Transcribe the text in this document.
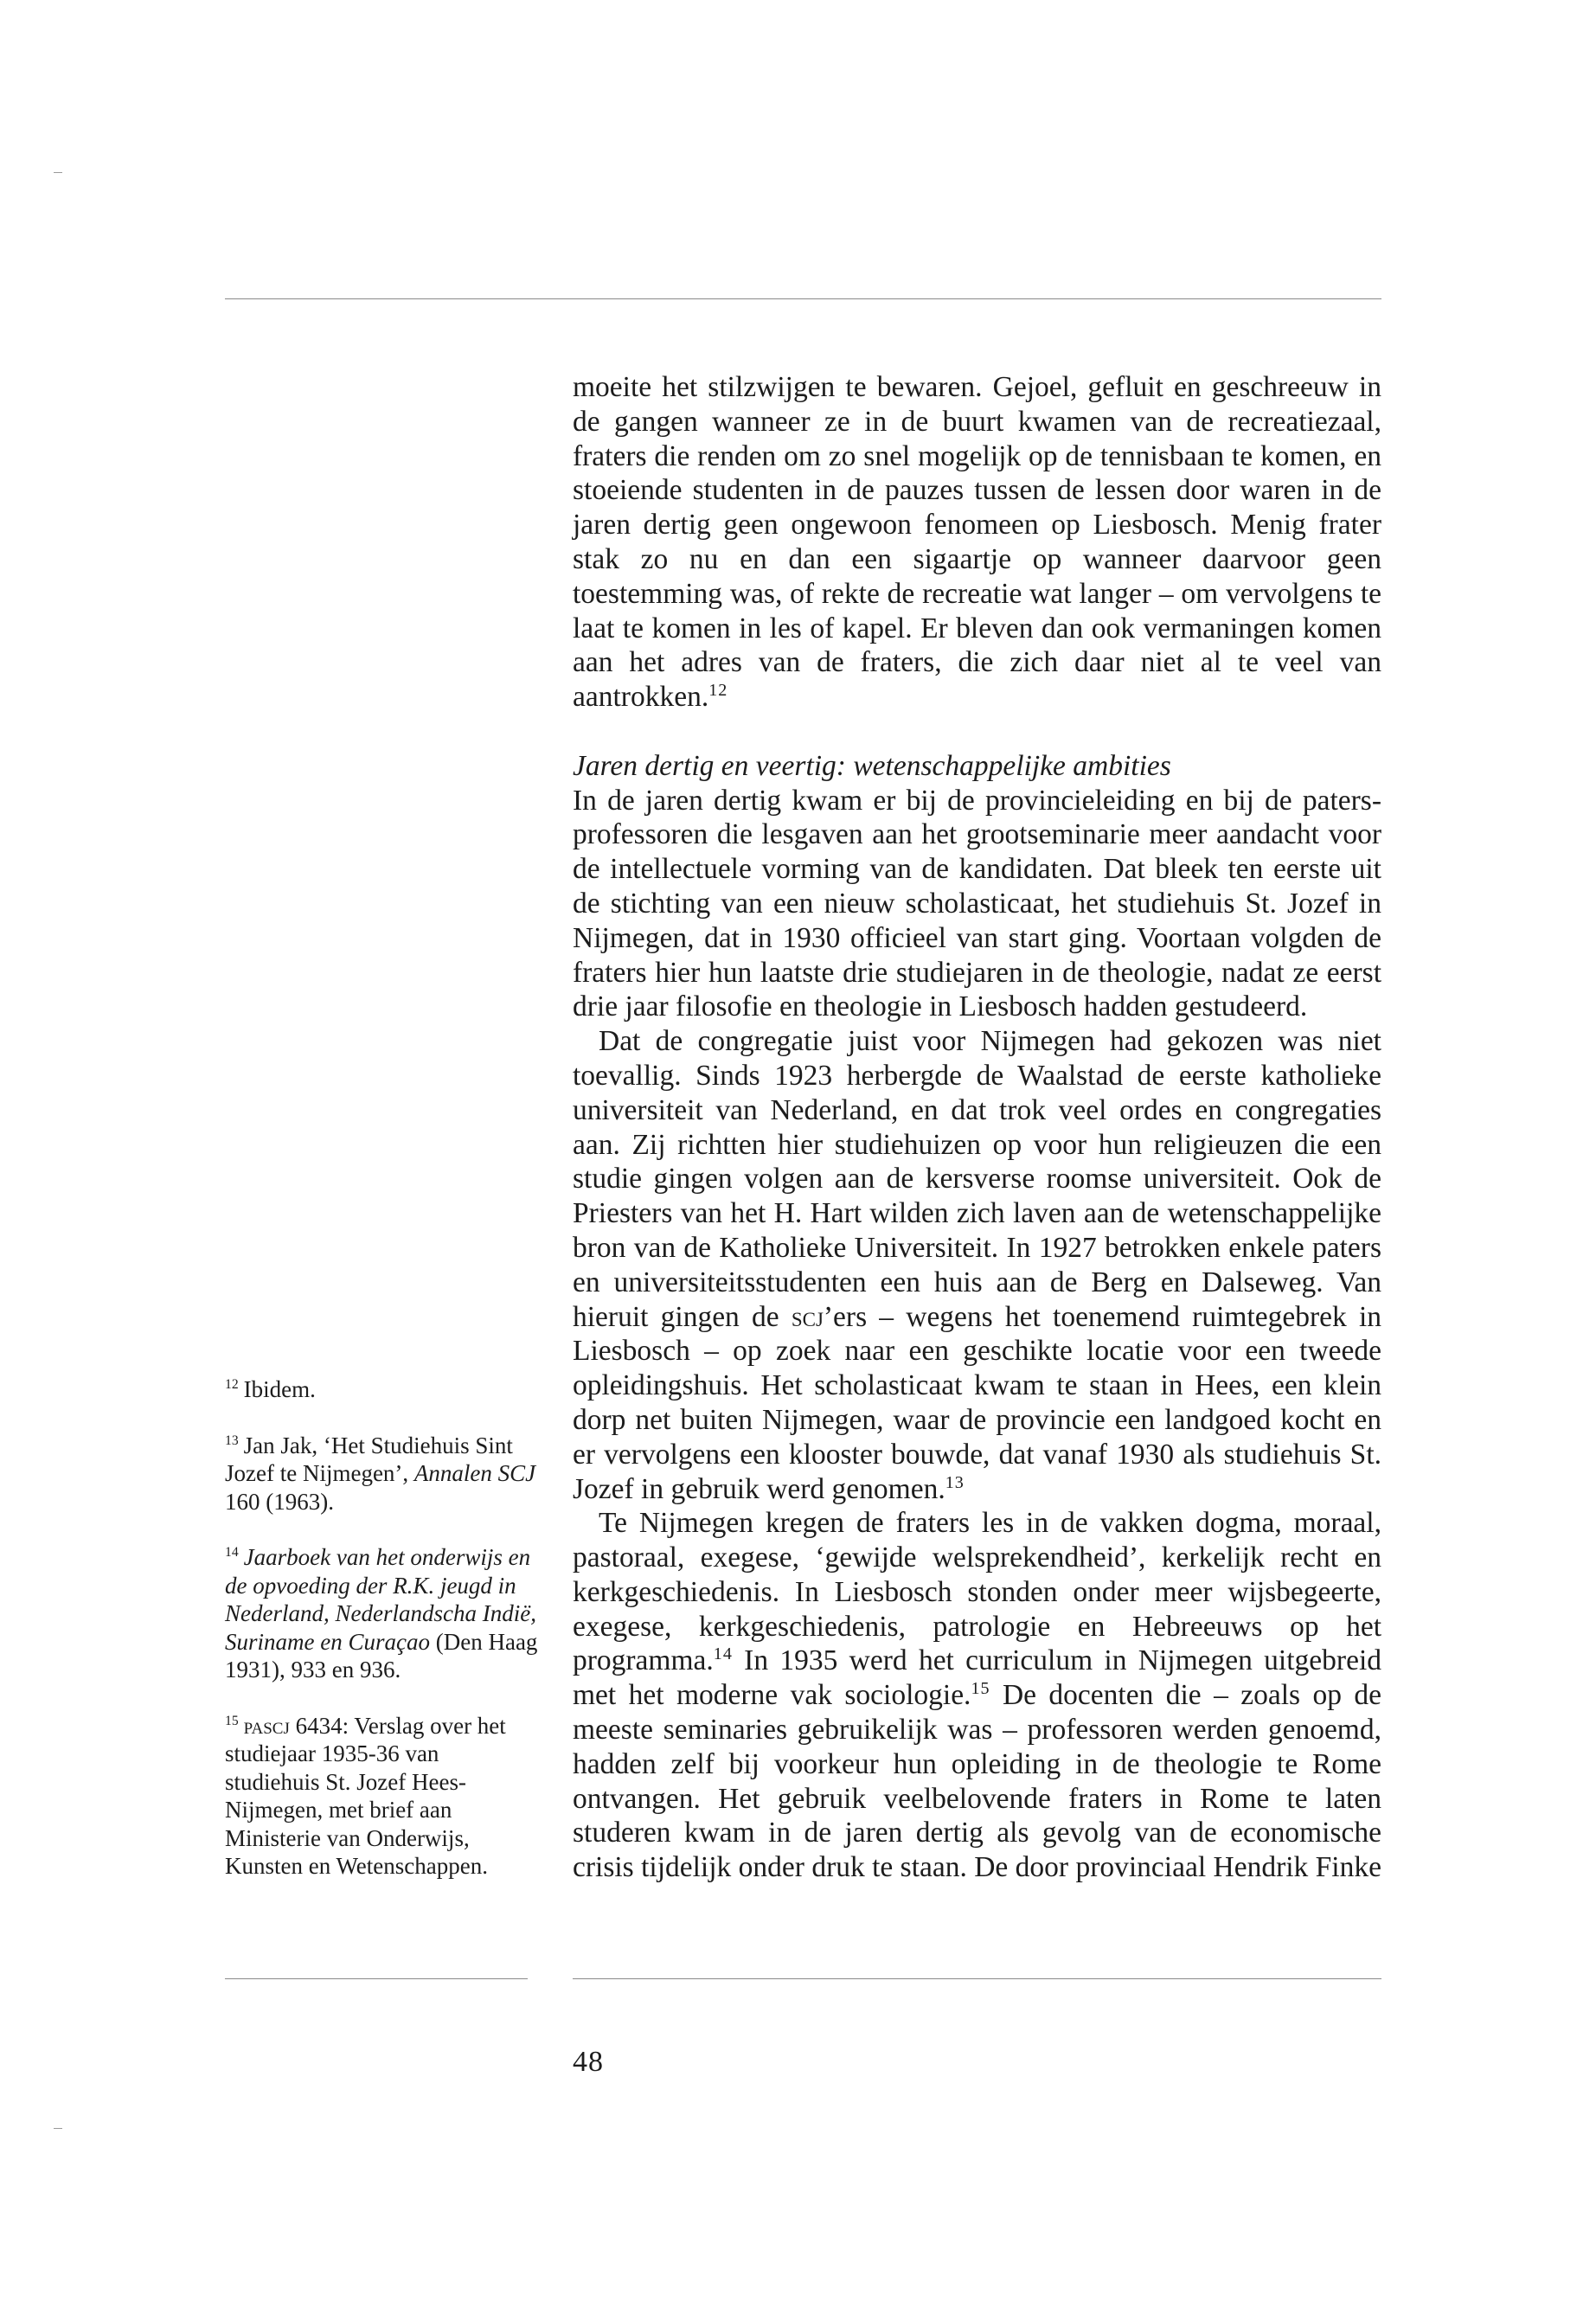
moeite het stilzwijgen te bewaren. Gejoel, gefluit en geschreeuw in de gangen wanneer ze in de buurt kwamen van de recreatiezaal, fraters die renden om zo snel mogelijk op de tennisbaan te komen, en stoeiende studenten in de pauzes tussen de lessen door waren in de jaren dertig geen ongewoon fenomeen op Liesbosch. Menig frater stak zo nu en dan een sigaartje op wanneer daarvoor geen toestemming was, of rekte de recreatie wat langer – om vervolgens te laat te komen in les of kapel. Er bleven dan ook vermaningen komen aan het adres van de fraters, die zich daar niet al te veel van aantrokken.$^{12}$

Jaren dertig en veertig: wetenschappelijke ambities

In de jaren dertig kwam er bij de provincieleiding en bij de paters-professoren die lesgaven aan het grootseminarie meer aandacht voor de intellectuele vorming van de kandidaten. Dat bleek ten eerste uit de stichting van een nieuw scholasticaat, het studiehuis St. Jozef in Nijmegen, dat in 1930 officieel van start ging. Voortaan volgden de fraters hier hun laatste drie studiejaren in de theologie, nadat ze eerst drie jaar filosofie en theologie in Liesbosch hadden gestudeerd.

Dat de congregatie juist voor Nijmegen had gekozen was niet toevallig. Sinds 1923 herbergde de Waalstad de eerste katholieke universiteit van Nederland, en dat trok veel ordes en congregaties aan. Zij richtten hier studiehuizen op voor hun religieuzen die een studie gingen volgen aan de kersverse roomse universiteit. Ook de Priesters van het H. Hart wilden zich laven aan de wetenschappelijke bron van de Katholieke Universiteit. In 1927 betrokken enkele paters en universiteitsstudenten een huis aan de Berg en Dalseweg. Van hieruit gingen de scj’ers – wegens het toenemend ruimtegebrek in Liesbosch – op zoek naar een geschikte locatie voor een tweede opleidingshuis. Het scholasticaat kwam te staan in Hees, een klein dorp net buiten Nijmegen, waar de provincie een landgoed kocht en er vervolgens een klooster bouwde, dat vanaf 1930 als studiehuis St. Jozef in gebruik werd genomen.$^{13}$

Te Nijmegen kregen de fraters les in de vakken dogma, moraal, pastoraal, exegese, ‘gewijde welsprekendheid’, kerkelijk recht en kerkgeschiedenis. In Liesbosch stonden onder meer wijsbegeerte, exegese, kerkgeschiedenis, patrologie en Hebreeuws op het programma.$^{14}$ In 1935 werd het curriculum in Nijmegen uitgebreid met het moderne vak sociologie.$^{15}$ De docenten die – zoals op de meeste seminaries gebruikelijk was – professoren werden genoemd, hadden zelf bij voorkeur hun opleiding in de theologie te Rome ontvangen. Het gebruik veelbelovende fraters in Rome te laten studeren kwam in de jaren dertig als gevolg van de economische crisis tijdelijk onder druk te staan. De door provinciaal Hendrik Finke

$^{12}$ Ibidem.

$^{13}$ Jan Jak, ‘Het Studiehuis Sint Jozef te Nijmegen’, Annalen SCJ 160 (1963).

$^{14}$ Jaarboek van het onderwijs en de opvoeding der R.K. jeugd in Nederland, Nederlandscha Indië, Suriname en Curaçao (Den Haag 1931), 933 en 936.

$^{15}$ pascj 6434: Verslag over het studiejaar 1935-36 van studiehuis St. Jozef Hees-Nijmegen, met brief aan Ministerie van Onderwijs, Kunsten en Wetenschappen.

48
